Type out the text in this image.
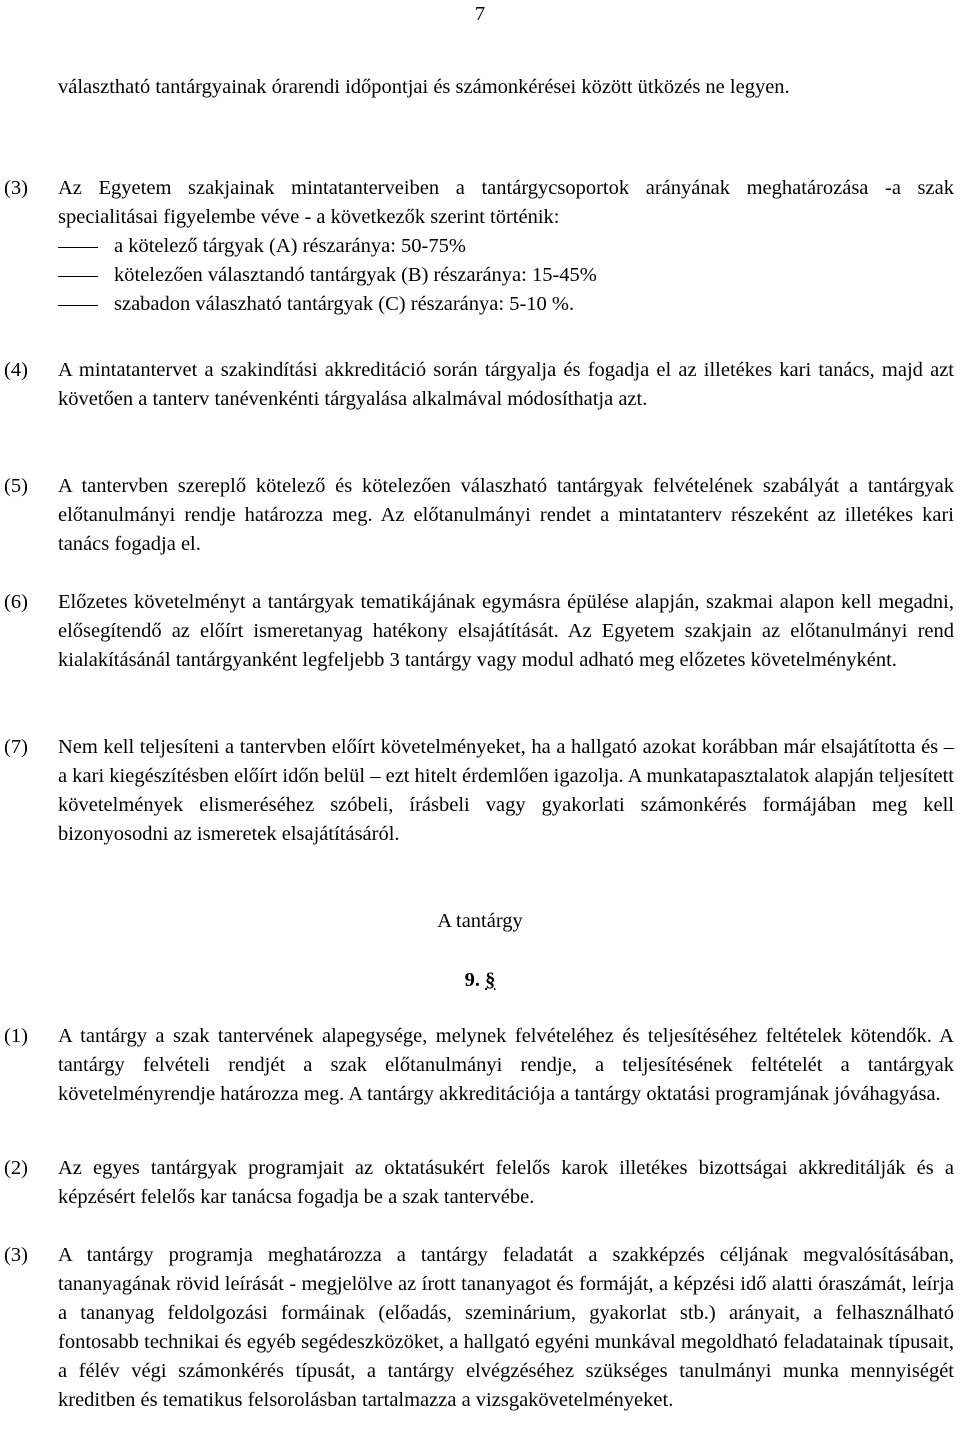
7
választható tantárgyainak órarendi időpontjai és számonkérései között ütközés ne legyen.
(3) Az Egyetem szakjainak mintatanterveiben a tantárgycsoportok arányának meghatározása -a szak specialitásai figyelembe véve - a következők szerint történik:
a kötelező tárgyak (A) részaránya: 50-75%
kötelezően választandó tantárgyak (B) részaránya: 15-45%
szabadon válaszható tantárgyak (C) részaránya: 5-10 %.
(4) A mintatantervet a szakindítási akkreditáció során tárgyalja és fogadja el az illetékes kari tanács, majd azt követően a tanterv tanévenkénti tárgyalása alkalmával módosíthatja azt.
(5) A tantervben szereplő kötelező és kötelezően válaszható tantárgyak felvételének szabályát a tantárgyak előtanulmányi rendje határozza meg. Az előtanulmányi rendet a mintatanterv részeként az illetékes kari tanács fogadja el.
(6) Előzetes követelményt a tantárgyak tematikájának egymásra épülése alapján, szakmai alapon kell megadni, elősegítendő az előírt ismeretanyag hatékony elsajátítását. Az Egyetem szakjain az előtanulmányi rend kialakításánál tantárgyanként legfeljebb 3 tantárgy vagy modul adható meg előzetes követelményként.
(7) Nem kell teljesíteni a tantervben előírt követelményeket, ha a hallgató azokat korábban már elsajátította és – a kari kiegészítésben előírt időn belül – ezt hitelt érdemlően igazolja. A munkatapasztalatok alapján teljesített követelmények elismeréséhez szóbeli, írásbeli vagy gyakorlati számonkérés formájában meg kell bizonyosodni az ismeretek elsajátításáról.
A tantárgy
9. §
(1) A tantárgy a szak tantervének alapegysége, melynek felvételéhez és teljesítéséhez feltételek kötendők. A tantárgy felvételi rendjét a szak előtanulmányi rendje, a teljesítésének feltételét a tantárgyak követelményrendje határozza meg. A tantárgy akkreditációja a tantárgy oktatási programjának jóváhagyása.
(2) Az egyes tantárgyak programjait az oktatásukért felelős karok illetékes bizottságai akkreditálják és a képzésért felelős kar tanácsa fogadja be a szak tantervébe.
(3) A tantárgy programja meghatározza a tantárgy feladatát a szakképzés céljának megvalósításában, tananyagának rövid leírását - megjelölve az írott tananyagot és formáját, a képzési idő alatti óraszámát, leírja a tananyag feldolgozási formáinak (előadás, szeminárium, gyakorlat stb.) arányait, a felhasználható fontosabb technikai és egyéb segédeszközöket, a hallgató egyéni munkával megoldható feladatainak típusait, a félév végi számonkérés típusát, a tantárgy elvégzéséhez szükséges tanulmányi munka mennyiségét kreditben és tematikus felsorolásban tartalmazza a vizsgakövetelményeket.
